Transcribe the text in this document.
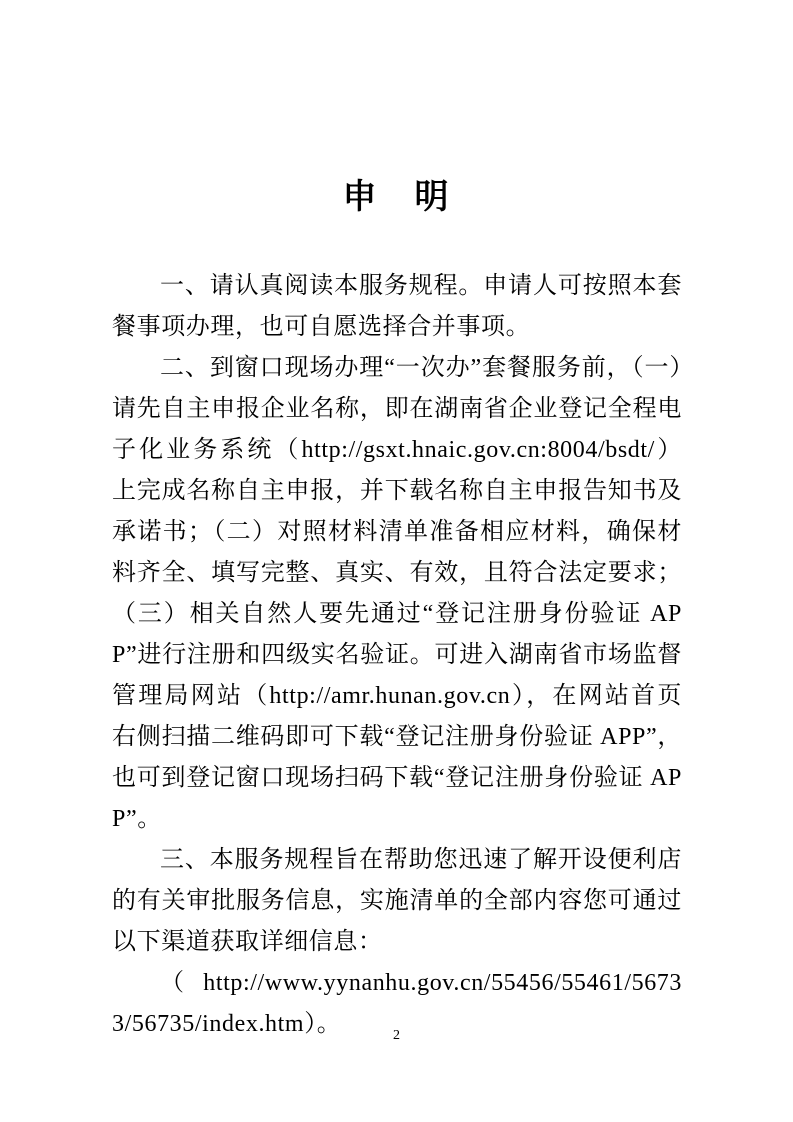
申　明

一、请认真阅读本服务规程。申请人可按照本套餐事项办理，也可自愿选择合并事项。

二、到窗口现场办理“一次办”套餐服务前，（一）请先自主申报企业名称，即在湖南省企业登记全程电子化业务系统（http://gsxt.hnaic.gov.cn:8004/bsdt/）上完成名称自主申报，并下载名称自主申报告知书及承诺书；（二）对照材料清单准备相应材料，确保材料齐全、填写完整、真实、有效，且符合法定要求；（三）相关自然人要先通过“登记注册身份验证 APP”进行注册和四级实名验证。可进入湖南省市场监督管理局网站（http://amr.hunan.gov.cn），在网站首页右侧扫描二维码即可下载“登记注册身份验证 APP”，也可到登记窗口现场扫码下载“登记注册身份验证 APP”。

三、本服务规程旨在帮助您迅速了解开设便利店的有关审批服务信息，实施清单的全部内容您可通过以下渠道获取详细信息：

（http://www.yynanhu.gov.cn/55456/55461/56733/56735/index.htm）。	2
